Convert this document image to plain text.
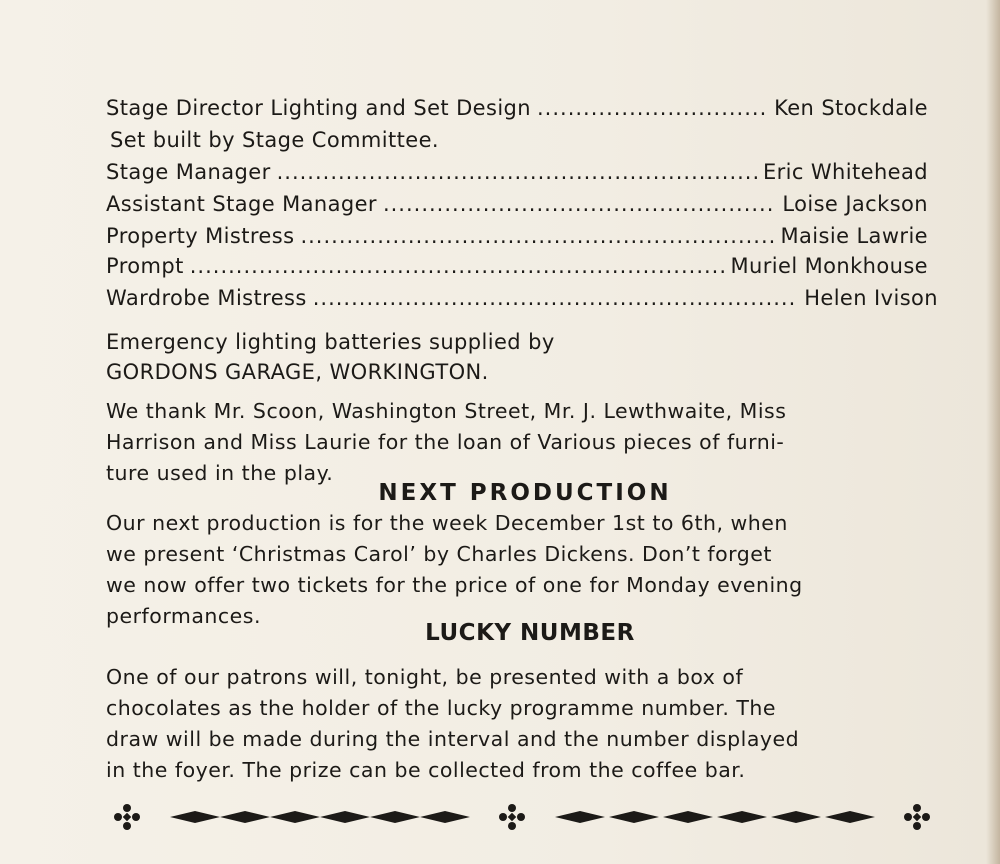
Stage Director Lighting and Set Design .....	Ken Stockdale
Set built by Stage Committee.
Stage Manager .....	Eric Whitehead
Assistant Stage Manager .....	Loise Jackson
Property Mistress .....	Maisie Lawrie
Prompt .....	Muriel Monkhouse
Wardrobe Mistress .....	Helen Ivison
Emergency lighting batteries supplied by
GORDONS GARAGE, WORKINGTON.
We thank Mr. Scoon, Washington Street, Mr. J. Lewthwaite, Miss
Harrison and Miss Laurie for the loan of Various pieces of furni-
ture used in the play.
NEXT PRODUCTION
Our next production is for the week December 1st to 6th, when
we present ‘Christmas Carol’ by Charles Dickens. Don’t forget
we now offer two tickets for the price of one for Monday evening
performances.
LUCKY NUMBER
One of our patrons will, tonight, be presented with a box of
chocolates as the holder of the lucky programme number. The
draw will be made during the interval and the number displayed
in the foyer. The prize can be collected from the coffee bar.
